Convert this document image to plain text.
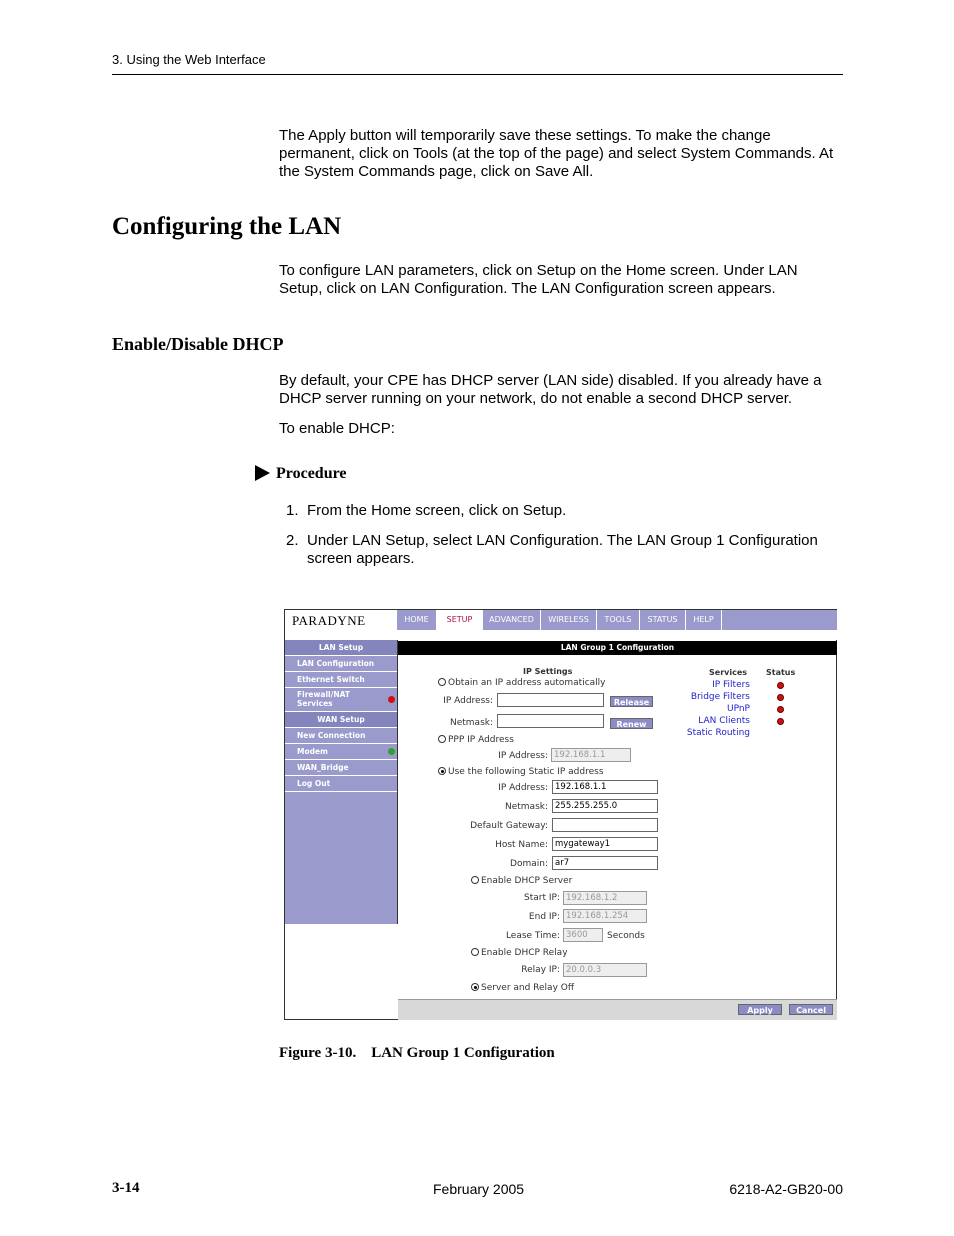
3. Using the Web Interface
The Apply button will temporarily save these settings. To make the change permanent, click on Tools (at the top of the page) and select System Commands. At the System Commands page, click on Save All.
Configuring the LAN
To configure LAN parameters, click on Setup on the Home screen. Under LAN Setup, click on LAN Configuration. The LAN Configuration screen appears.
Enable/Disable DHCP
By default, your CPE has DHCP server (LAN side) disabled. If you already have a DHCP server running on your network, do not enable a second DHCP server.
To enable DHCP:
Procedure
1. From the Home screen, click on Setup.
2. Under LAN Setup, select LAN Configuration. The LAN Group 1 Configuration screen appears.
PARADYNE	HOME	SETUP	ADVANCED	WIRELESS	TOOLS	STATUS	HELP
LAN Setup
LAN Configuration
Ethernet Switch
Firewall/NAT
Services
WAN Setup
New Connection
Modem
WAN_Bridge
Log Out
LAN Group 1 Configuration
IP Settings
Obtain an IP address automatically
IP Address:	Release
Netmask:	Renew
PPP IP Address
IP Address: 192.168.1.1
Use the following Static IP address
IP Address: 192.168.1.1
Netmask: 255.255.255.0
Default Gateway:
Host Name: mygateway1
Domain: ar7
Enable DHCP Server
Start IP: 192.168.1.2
End IP: 192.168.1.254
Lease Time: 3600	Seconds
Enable DHCP Relay
Relay IP: 20.0.0.3
Server and Relay Off
Services Status
IP Filters
Bridge Filters
UPnP
LAN Clients
Static Routing
Apply	Cancel
Figure 3-10. LAN Group 1 Configuration
3-14	February 2005	6218-A2-GB20-00
